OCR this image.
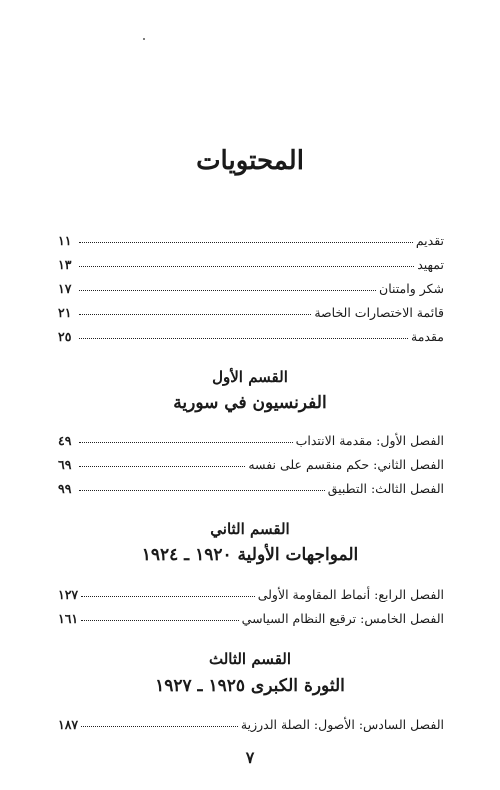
المحتويات
تقديم
١١
تمهيد
١٣
شكر وامتنان
١٧
قائمة الاختصارات الخاصة
٢١
مقدمة
٢٥
القسم الأول
الفرنسيون في سورية
الفصل الأول: مقدمة الانتداب
٤٩
الفصل الثاني: حكم منقسم على نفسه
٦٩
الفصل الثالث: التطبيق
٩٩
القسم الثاني
المواجهات الأولية ١٩٢٠ ـ ١٩٢٤
الفصل الرابع: أنماط المقاومة الأولى
١٢٧
الفصل الخامس: ترقيع النظام السياسي
١٦١
القسم الثالث
الثورة الكبرى ١٩٢٥ ـ ١٩٢٧
الفصل السادس: الأصول: الصلة الدرزية
١٨٧
٧
